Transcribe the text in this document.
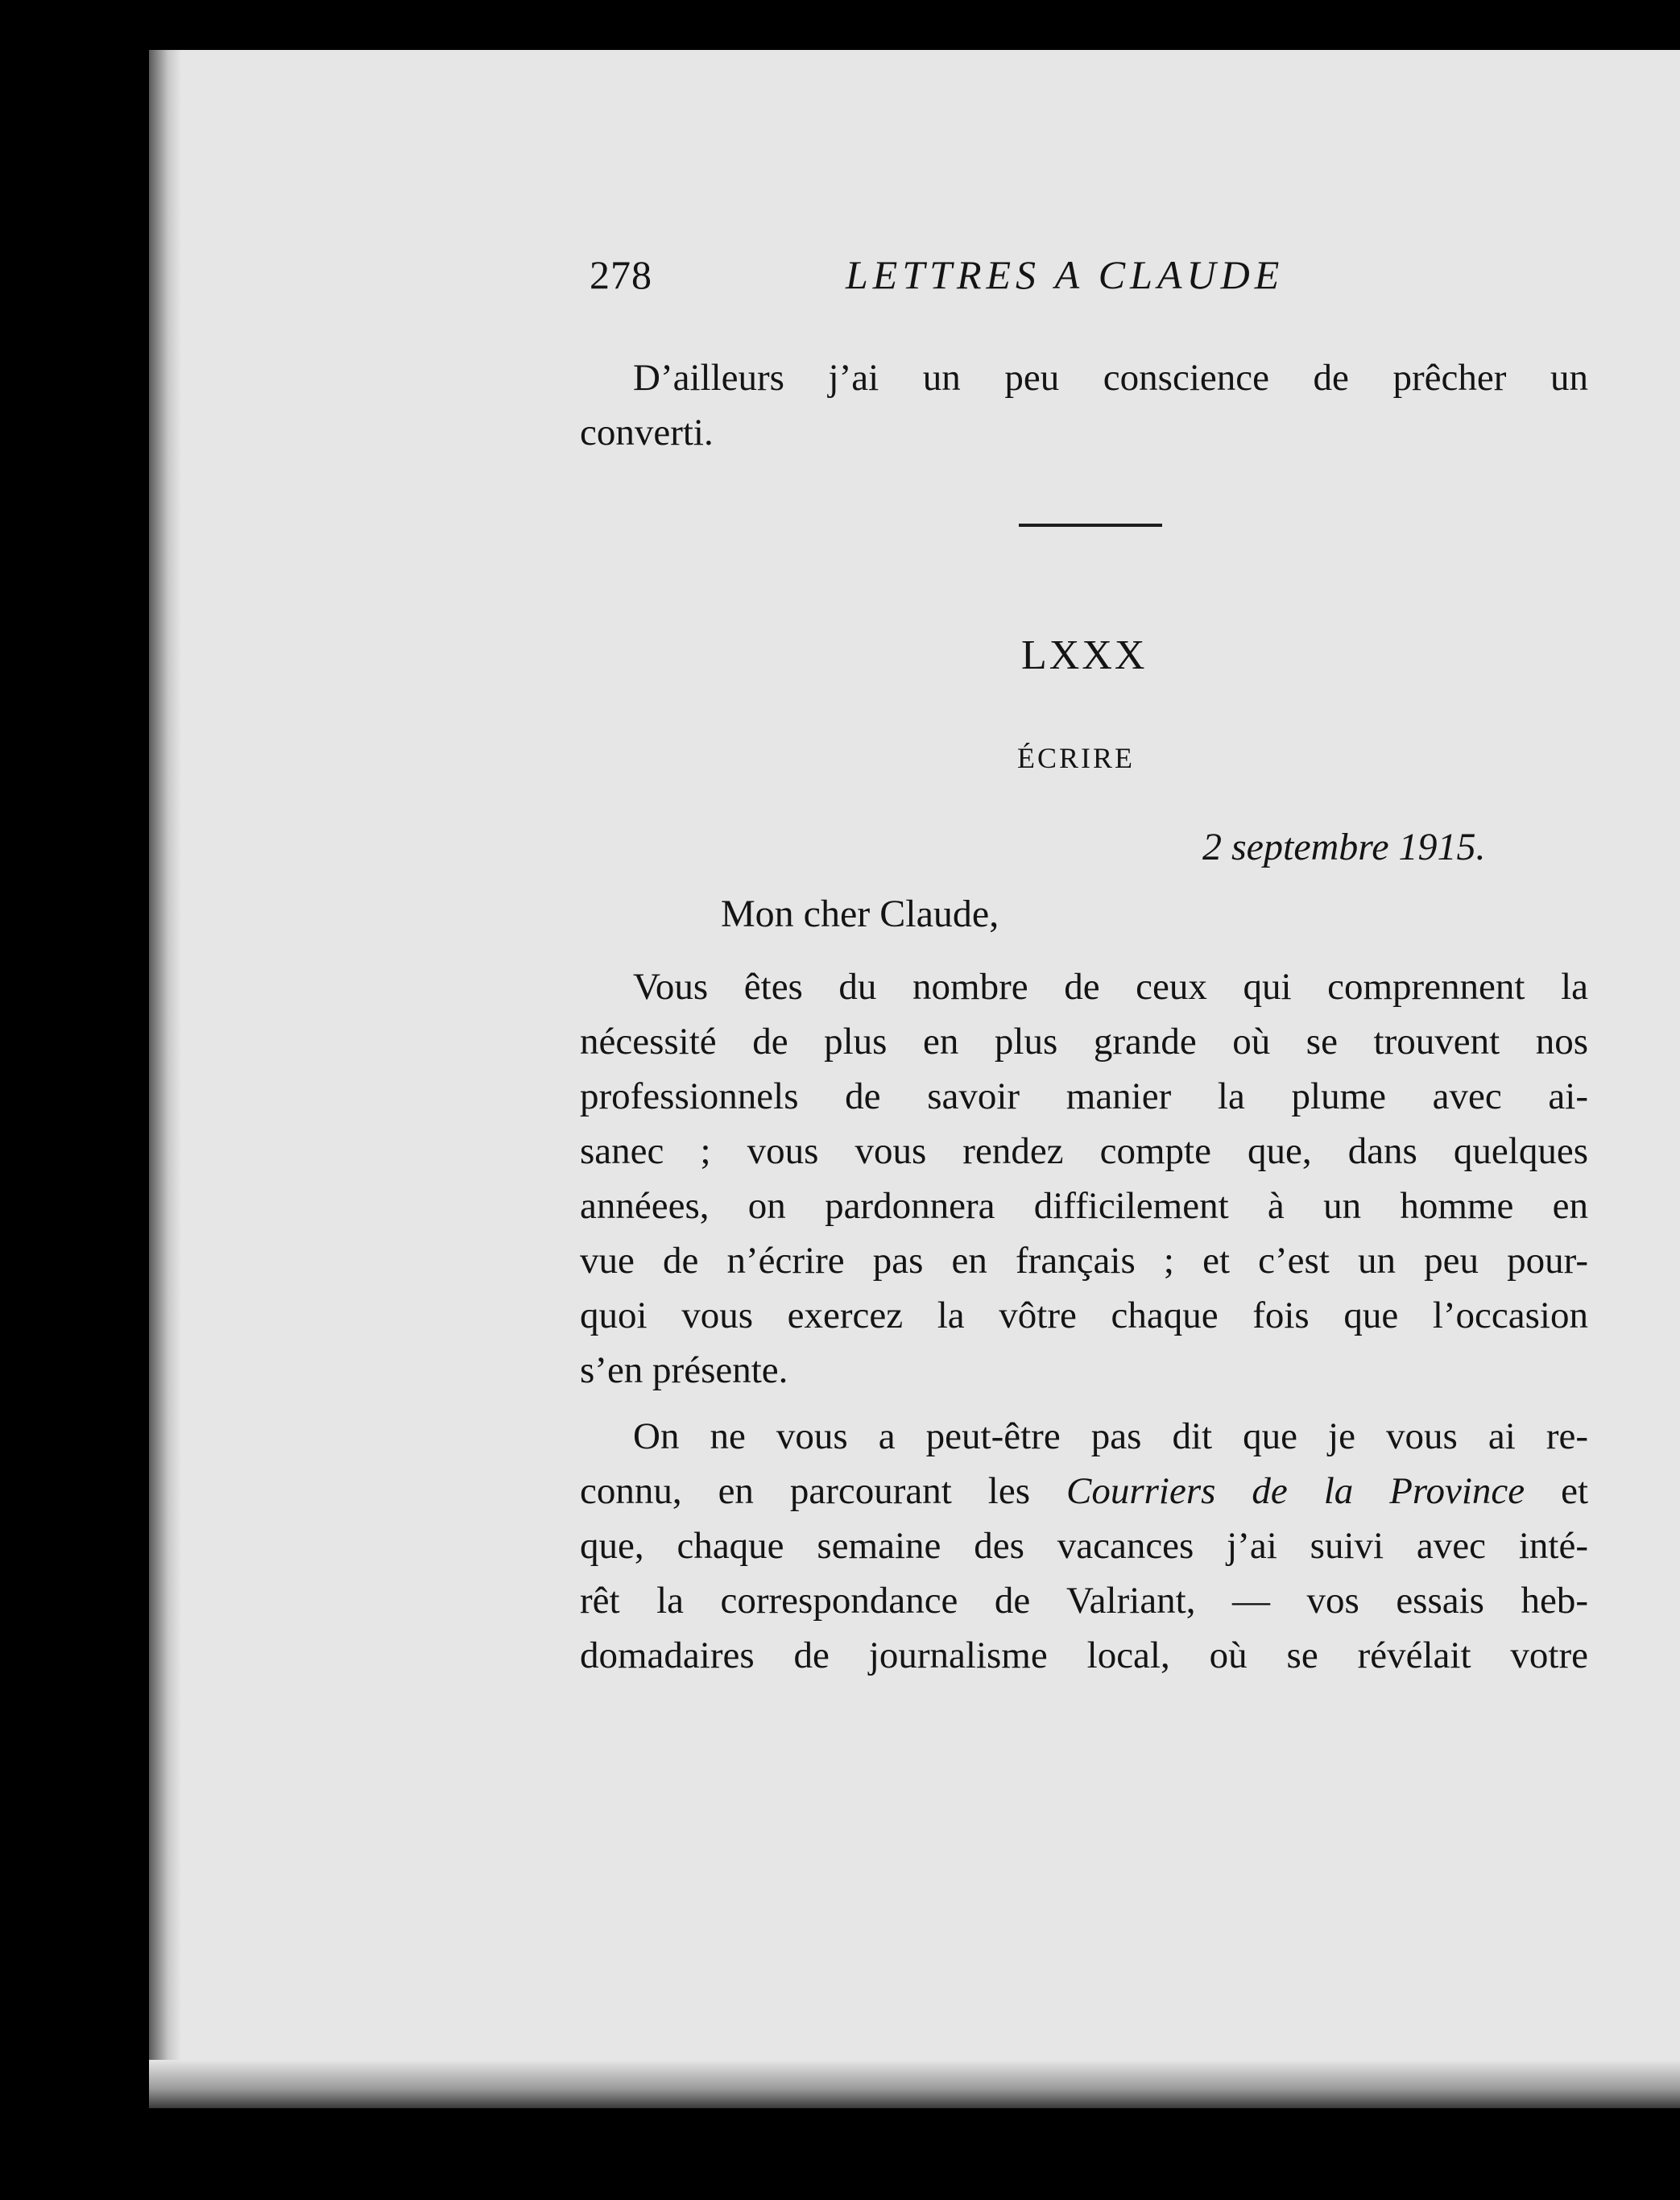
278	LETTRES A CLAUDE
D’ailleurs j’ai un peu conscience de prêcher un
converti.
LXXX
ÉCRIRE
2 septembre 1915.
Mon cher Claude,
Vous êtes du nombre de ceux qui comprennent la
nécessité de plus en plus grande où se trouvent nos
professionnels de savoir manier la plume avec ai-
sanec ; vous vous rendez compte que, dans quelques
annéees, on pardonnera difficilement à un homme en
vue de n’écrire pas en français ; et c’est un peu pour-
quoi vous exercez la vôtre chaque fois que l’occasion
s’en présente.
On ne vous a peut-être pas dit que je vous ai re-
connu, en parcourant les Courriers de la Province et
que, chaque semaine des vacances j’ai suivi avec inté-
rêt la correspondance de Valriant, — vos essais heb-
domadaires de journalisme local, où se révélait votre
